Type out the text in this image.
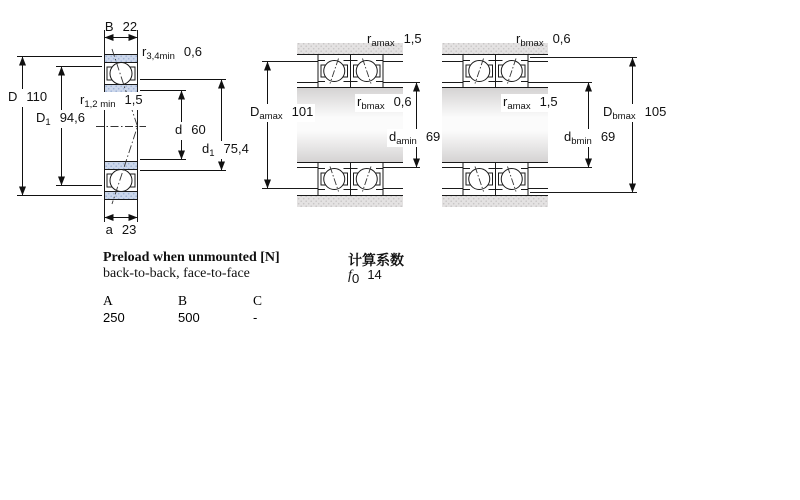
B 22
$r_{3,4min}$ 0,6
D 110
$D_1$ 94,6
$r_{1,2 min}$ 1,5
d 60
$d_1$ 75,4
a 23
$r_{amax}$ 1,5
$D_{amax}$ 101
$r_{bmax}$ 0,6
$d_{amin}$ 69
$r_{bmax}$ 0,6
$r_{amax}$ 1,5
$d_{bmin}$ 69
$D_{bmax}$ 105
Preload when unmounted [N]
back-to-back, face-to-face
计算系数
$f_0$ 14
A	B	C
250	500	-
